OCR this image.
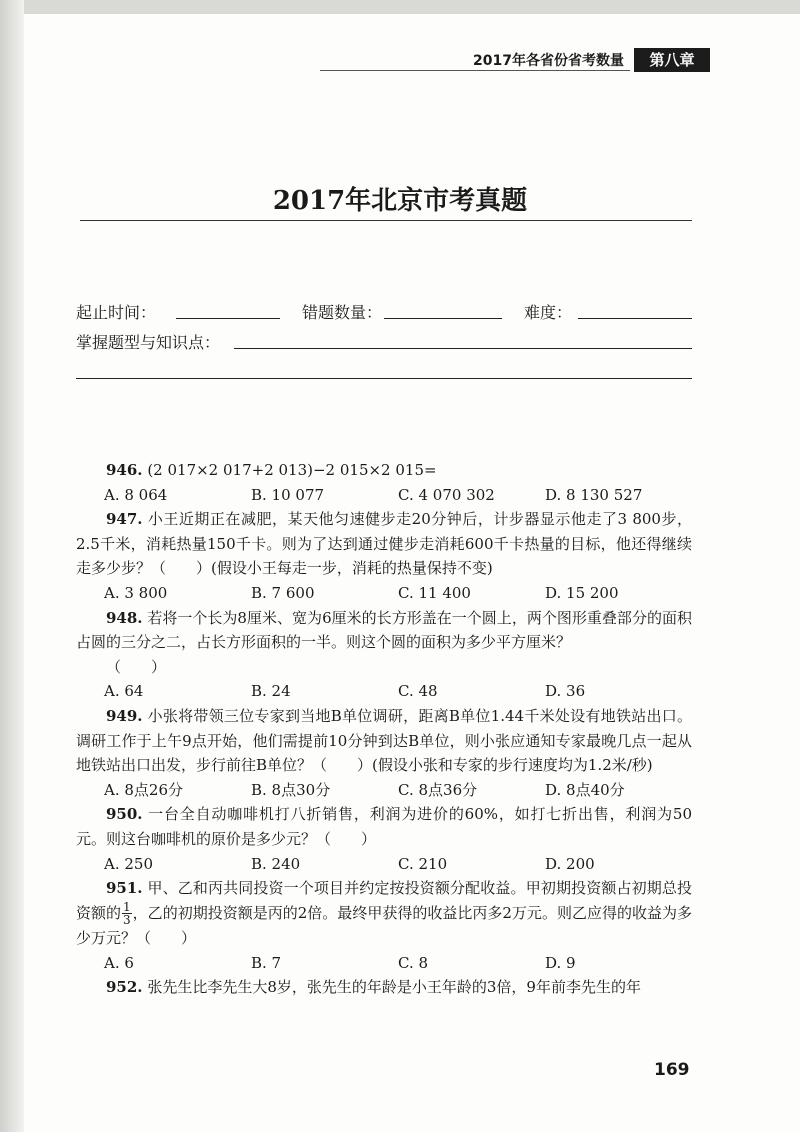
2017年各省份省考数量	第八章
2017年北京市考真题
起止时间：	错题数量：	难度：
掌握题型与知识点：

946. (2 017×2 017+2 013)−2 015×2 015=

A. 8 064	B. 10 077	C. 4 070 302	D. 8 130 527

947. 小王近期正在减肥，某天他匀速健步走20分钟后，计步器显示他走了3 800步，2.5千米，消耗热量150千卡。则为了达到通过健步走消耗600千卡热量的目标，他还得继续走多少步？（　　）(假设小王每走一步，消耗的热量保持不变)

A. 3 800	B. 7 600	C. 11 400	D. 15 200

948. 若将一个长为8厘米、宽为6厘米的长方形盖在一个圆上，两个图形重叠部分的面积占圆的三分之二，占长方形面积的一半。则这个圆的面积为多少平方厘米？

（　　）

A. 64	B. 24	C. 48	D. 36

949. 小张将带领三位专家到当地B单位调研，距离B单位1.44千米处设有地铁站出口。调研工作于上午9点开始，他们需提前10分钟到达B单位，则小张应通知专家最晚几点一起从地铁站出口出发，步行前往B单位？（　　）(假设小张和专家的步行速度均为1.2米/秒)

A. 8点26分	B. 8点30分	C. 8点36分	D. 8点40分

950. 一台全自动咖啡机打八折销售，利润为进价的60%，如打七折出售，利润为50元。则这台咖啡机的原价是多少元？（　　）

A. 250	B. 240	C. 210	D. 200

951. 甲、乙和丙共同投资一个项目并约定按投资额分配收益。甲初期投资额占初期总投资额的 $\frac{1}{3}$ ，乙的初期投资额是丙的2倍。最终甲获得的收益比丙多2万元。则乙应得的收益为多少万元？（　　）

A. 6	B. 7	C. 8	D. 9

952. 张先生比李先生大8岁，张先生的年龄是小王年龄的3倍，9年前李先生的年

169
